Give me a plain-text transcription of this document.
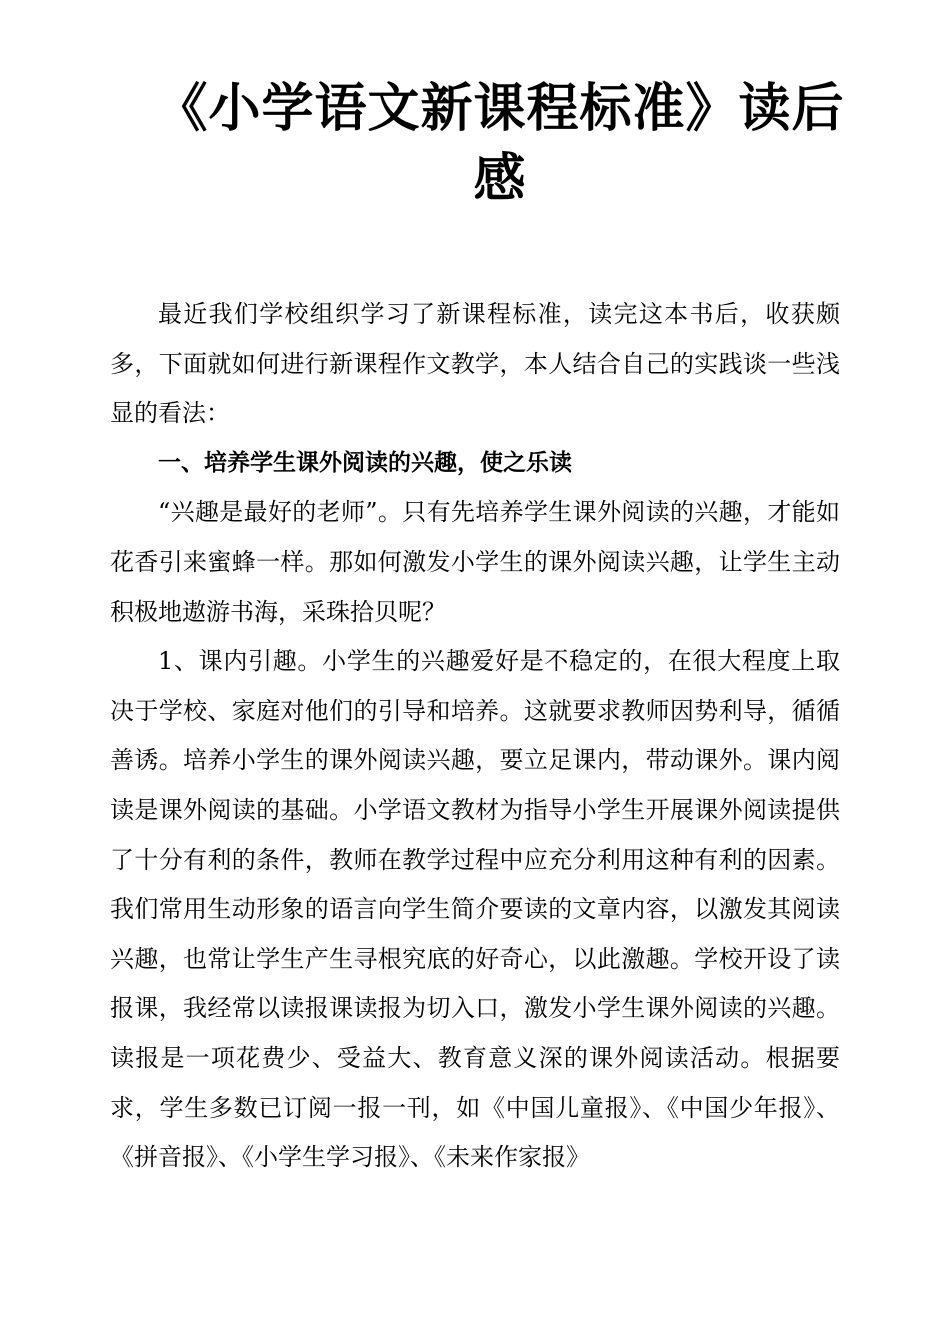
《小学语文新课程标准》读后
感

最近我们学校组织学习了新课程标准，读完这本书后，收获颇多，下面就如何进行新课程作文教学，本人结合自己的实践谈一些浅显的看法：

一、培养学生课外阅读的兴趣，使之乐读

“兴趣是最好的老师”。只有先培养学生课外阅读的兴趣，才能如花香引来蜜蜂一样。那如何激发小学生的课外阅读兴趣，让学生主动积极地遨游书海，采珠拾贝呢？

1、课内引趣。小学生的兴趣爱好是不稳定的，在很大程度上取决于学校、家庭对他们的引导和培养。这就要求教师因势利导，循循善诱。培养小学生的课外阅读兴趣，要立足课内，带动课外。课内阅读是课外阅读的基础。小学语文教材为指导小学生开展课外阅读提供了十分有利的条件，教师在教学过程中应充分利用这种有利的因素。我们常用生动形象的语言向学生简介要读的文章内容，以激发其阅读兴趣，也常让学生产生寻根究底的好奇心，以此激趣。学校开设了读报课，我经常以读报课读报为切入口，激发小学生课外阅读的兴趣。读报是一项花费少、受益大、教育意义深的课外阅读活动。根据要求，学生多数已订阅一报一刊，如《中国儿童报》、《中国少年报》、《拼音报》、《小学生学习报》、《未来作家报》
